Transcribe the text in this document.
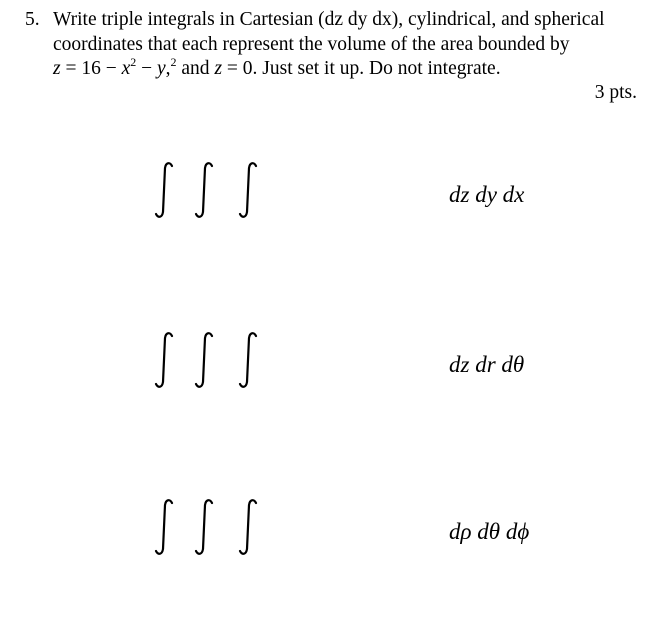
5. Write triple integrals in Cartesian (dz dy dx), cylindrical, and spherical
coordinates that each represent the volume of the area bounded by
$z = 16 - x^2 - y,^2$ and z = 0. Just set it up. Do not integrate.
3 pts.
dz dy dx
dz dr dθ
dρ dθ dϕ
